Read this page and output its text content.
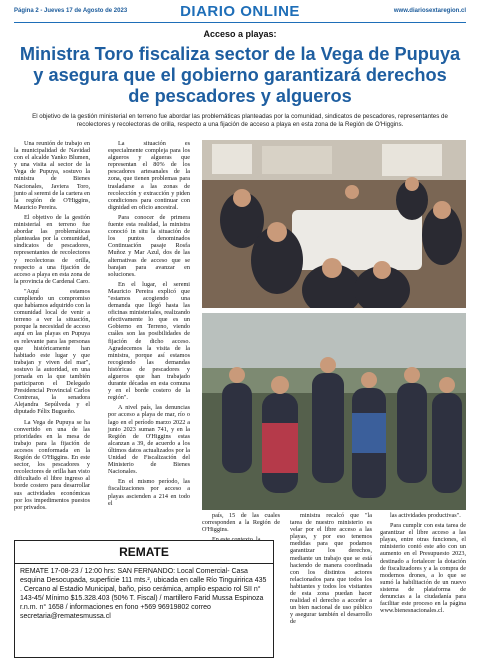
Página 2 - Jueves 17 de Agosto de 2023	DIARIO ONLINE	www.diariosextaregion.cl
Acceso a playas:
Ministra Toro fiscaliza sector de la Vega de Pupuya
y asegura que el gobierno garantizará derechos
de pescadores y algueros
El objetivo de la gestión ministerial en terreno fue abordar las problemáticas planteadas por la comunidad, sindicatos de pescadores, representantes de recolectores y recolectoras de orilla, respecto a una fijación de acceso a playa en esta zona de la Región de O'Higgins.

Una reunión de trabajo en la municipalidad de Navidad con el alcalde Yanko Blumen, y una visita al sector de la Vega de Pupuya, sostuvo la ministra de Bienes Nacionales, Javiera Toro, junto al seremi de la cartera en la región de O'Higgins, Mauricio Pereira.

El objetivo de la gestión ministerial en terreno fue abordar las problemáticas planteadas por la comunidad, sindicatos de pescadores, representantes de recolectores y recolectoras de orilla, respecto a una fijación de acceso a playa en esta zona de la provincia de Cardenal Caro.

"Aquí estamos cumpliendo un compromiso que habíamos adquirido con la comunidad local de venir a terreno a ver la situación, porque la necesidad de acceso aquí en las playas en Pupuya es relevante para las personas que históricamente han habitado este lugar y que trabajan y viven del mar", sostuvo la autoridad, en una jornada en la que también participaron el Delegado Presidencial Provincial Carlos Contreras, la senadora Alejandra Sepúlveda y el diputado Félix Bugueño.

La Vega de Pupuya se ha convertido en una de las prioridades en la mesa de trabajo para la fijación de accesos conformada en la Región de O'Higgins. En este sector, los pescadores y recolectores de orilla han visto dificultado el libre ingreso al borde costero para desarrollar sus actividades económicas por los impedimentos puestos por privados.

La situación es especialmente compleja para los algueros y algueras que representan el 80% de los pescadores artesanales de la zona, que tienen problemas para trasladarse a las zonas de recolección y extracción y piden condiciones para continuar con dignidad en oficio ancestral.

Para conocer de primera fuente esta realidad, la ministra conoció in situ la situación de los puntos denominados Continuación pasaje Rosfa Muñoz y Mar Azul, dos de las alternativas de acceso que se barajan para avanzar en soluciones.

En el lugar, el seremi Mauricio Pereira explicó que "estamos acogiendo una demanda que llegó hasta las oficinas ministeriales, realizando efectivamente lo que es un Gobierno en Terreno, viendo cuáles son las posibilidades de fijación de dicho acceso. Agradecemos la visita de la ministra, porque así estamos recogiendo las demandas históricas de pescadores y algueros que han trabajado durante décadas en esta comuna y en el borde costero de la región".

A nivel país, las denuncias por acceso a playa de mar, río o lago en el período marzo 2022 a junio 2023 suman 741, y en la Región de O'Higgins estas alcanzan a 39, de acuerdo a los últimos datos actualizados por la Unidad de Fiscalización del Ministerio de Bienes Nacionales.

En el mismo período, las fiscalizaciones por acceso a playas ascienden a 214 en todo el

país, 15 de las cuales corresponden a la Región de O'Higgins.

ministra recalcó que "la tarea de nuestro ministerio es velar por el libre acceso a las playas, y por eso tenemos medidas para que podamos garantizar los derechos, mediante un trabajo que se está haciendo de manera coordinada con los distintos actores relacionados para que todos los habitantes y todos los visitantes de esta zona puedan hacer realidad el derecho a acceder a un bien nacional de uso público y asegurar también el desarrollo de

las actividades productivas".

Para cumplir con esta tarea de garantizar el libre acceso a las playas, entre otras funciones, el ministerio contó este año con un aumento en el Presupuesto 2023, destinado a fortalecer la dotación de fiscalizadores y a la compra de modernos drones, a lo que se sumó la habilitación de un nuevo sistema de plataforma de denuncias a la ciudadanía para facilitar este proceso en la página www.bienesnacionales.cl.

REMATE
REMATE 17-08-23 / 12:00 hrs: SAN FERNANDO: Local Comercial- Casa esquina Desocupada, superficie 111 mts.², ubicada en calle Río Tinguiririca 435 . Cercano al Estadio Municipal, baño, piso cerámica, amplio espacio rol SII n° 143-45/ Mínimo $15.328.403 (50% T. Fiscal) / martillero Farid Mussa Espinoza r.n.m. n° 1658 / informaciones en fono +569 96919802 correo secretaria@rematesmussa.cl
